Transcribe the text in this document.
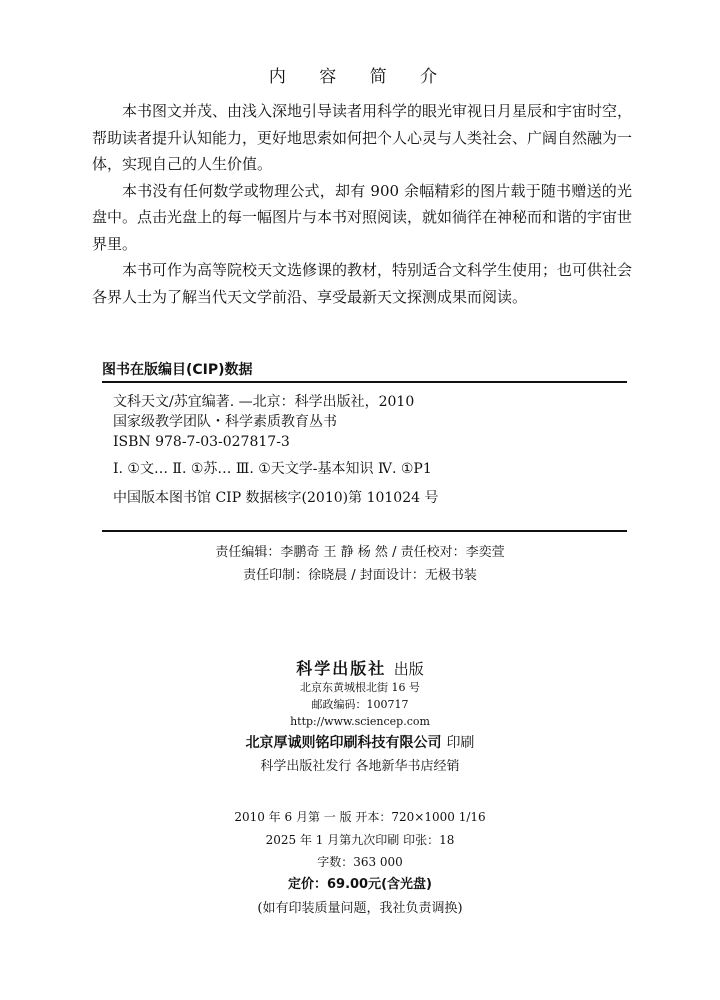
内 容 简 介

本书图文并茂、由浅入深地引导读者用科学的眼光审视日月星辰和宇宙时空，帮助读者提升认知能力，更好地思索如何把个人心灵与人类社会、广阔自然融为一体，实现自己的人生价值。

本书没有任何数学或物理公式，却有 900 余幅精彩的图片载于随书赠送的光盘中。点击光盘上的每一幅图片与本书对照阅读，就如徜徉在神秘而和谐的宇宙世界里。

本书可作为高等院校天文选修课的教材，特别适合文科学生使用；也可供社会各界人士为了解当代天文学前沿、享受最新天文探测成果而阅读。

图书在版编目(CIP)数据
文科天文/苏宜编著. —北京：科学出版社，2010
国家级教学团队・科学素质教育丛书
ISBN 978-7-03-027817-3
Ⅰ. ①文… Ⅱ. ①苏… Ⅲ. ①天文学-基本知识 Ⅳ. ①P1
中国版本图书馆 CIP 数据核字(2010)第 101024 号
责任编辑：李鹏奇 王 静 杨 然 / 责任校对：李奕萱
责任印制：徐晓晨 / 封面设计：无极书装
科学出版社 出版
北京东黄城根北街 16 号
邮政编码：100717
http://www.sciencep.com
北京厚诚则铭印刷科技有限公司 印刷
科学出版社发行 各地新华书店经销
2010 年 6 月第 一 版 开本：720×1000 1/16
2025 年 1 月第九次印刷 印张：18
字数：363 000
定价：69.00元(含光盘)
(如有印装质量问题，我社负责调换)
